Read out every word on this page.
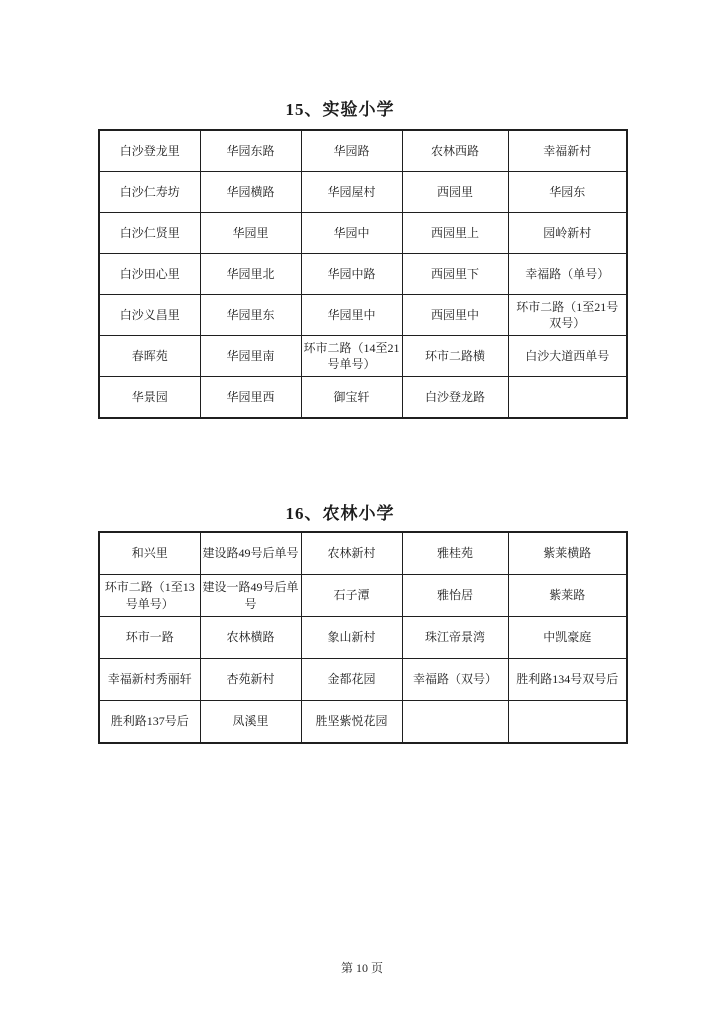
15、实验小学
白沙登龙里	华园东路	华园路	农林西路	幸福新村
白沙仁寿坊	华园横路	华园屋村	西园里	华园东
白沙仁贤里	华园里	华园中	西园里上	园岭新村
白沙田心里	华园里北	华园中路	西园里下	幸福路（单号）
白沙义昌里	华园里东	华园里中	西园里中	环市二路（1至21号双号）
春晖苑	华园里南	环市二路（14至21号单号）	环市二路横	白沙大道西单号
华景园	华园里西	御宝轩	白沙登龙路	
16、农林小学
和兴里	建设路49号后单号	农林新村	雅桂苑	紫莱横路
环市二路（1至13号单号）	建设一路49号后单号	石子潭	雅怡居	紫莱路
环市一路	农林横路	象山新村	珠江帝景湾	中凯豪庭
幸福新村秀丽轩	杏苑新村	金都花园	幸福路（双号）	胜利路134号双号后
胜利路137号后	凤溪里	胜坚紫悦花园		
第 10 页
